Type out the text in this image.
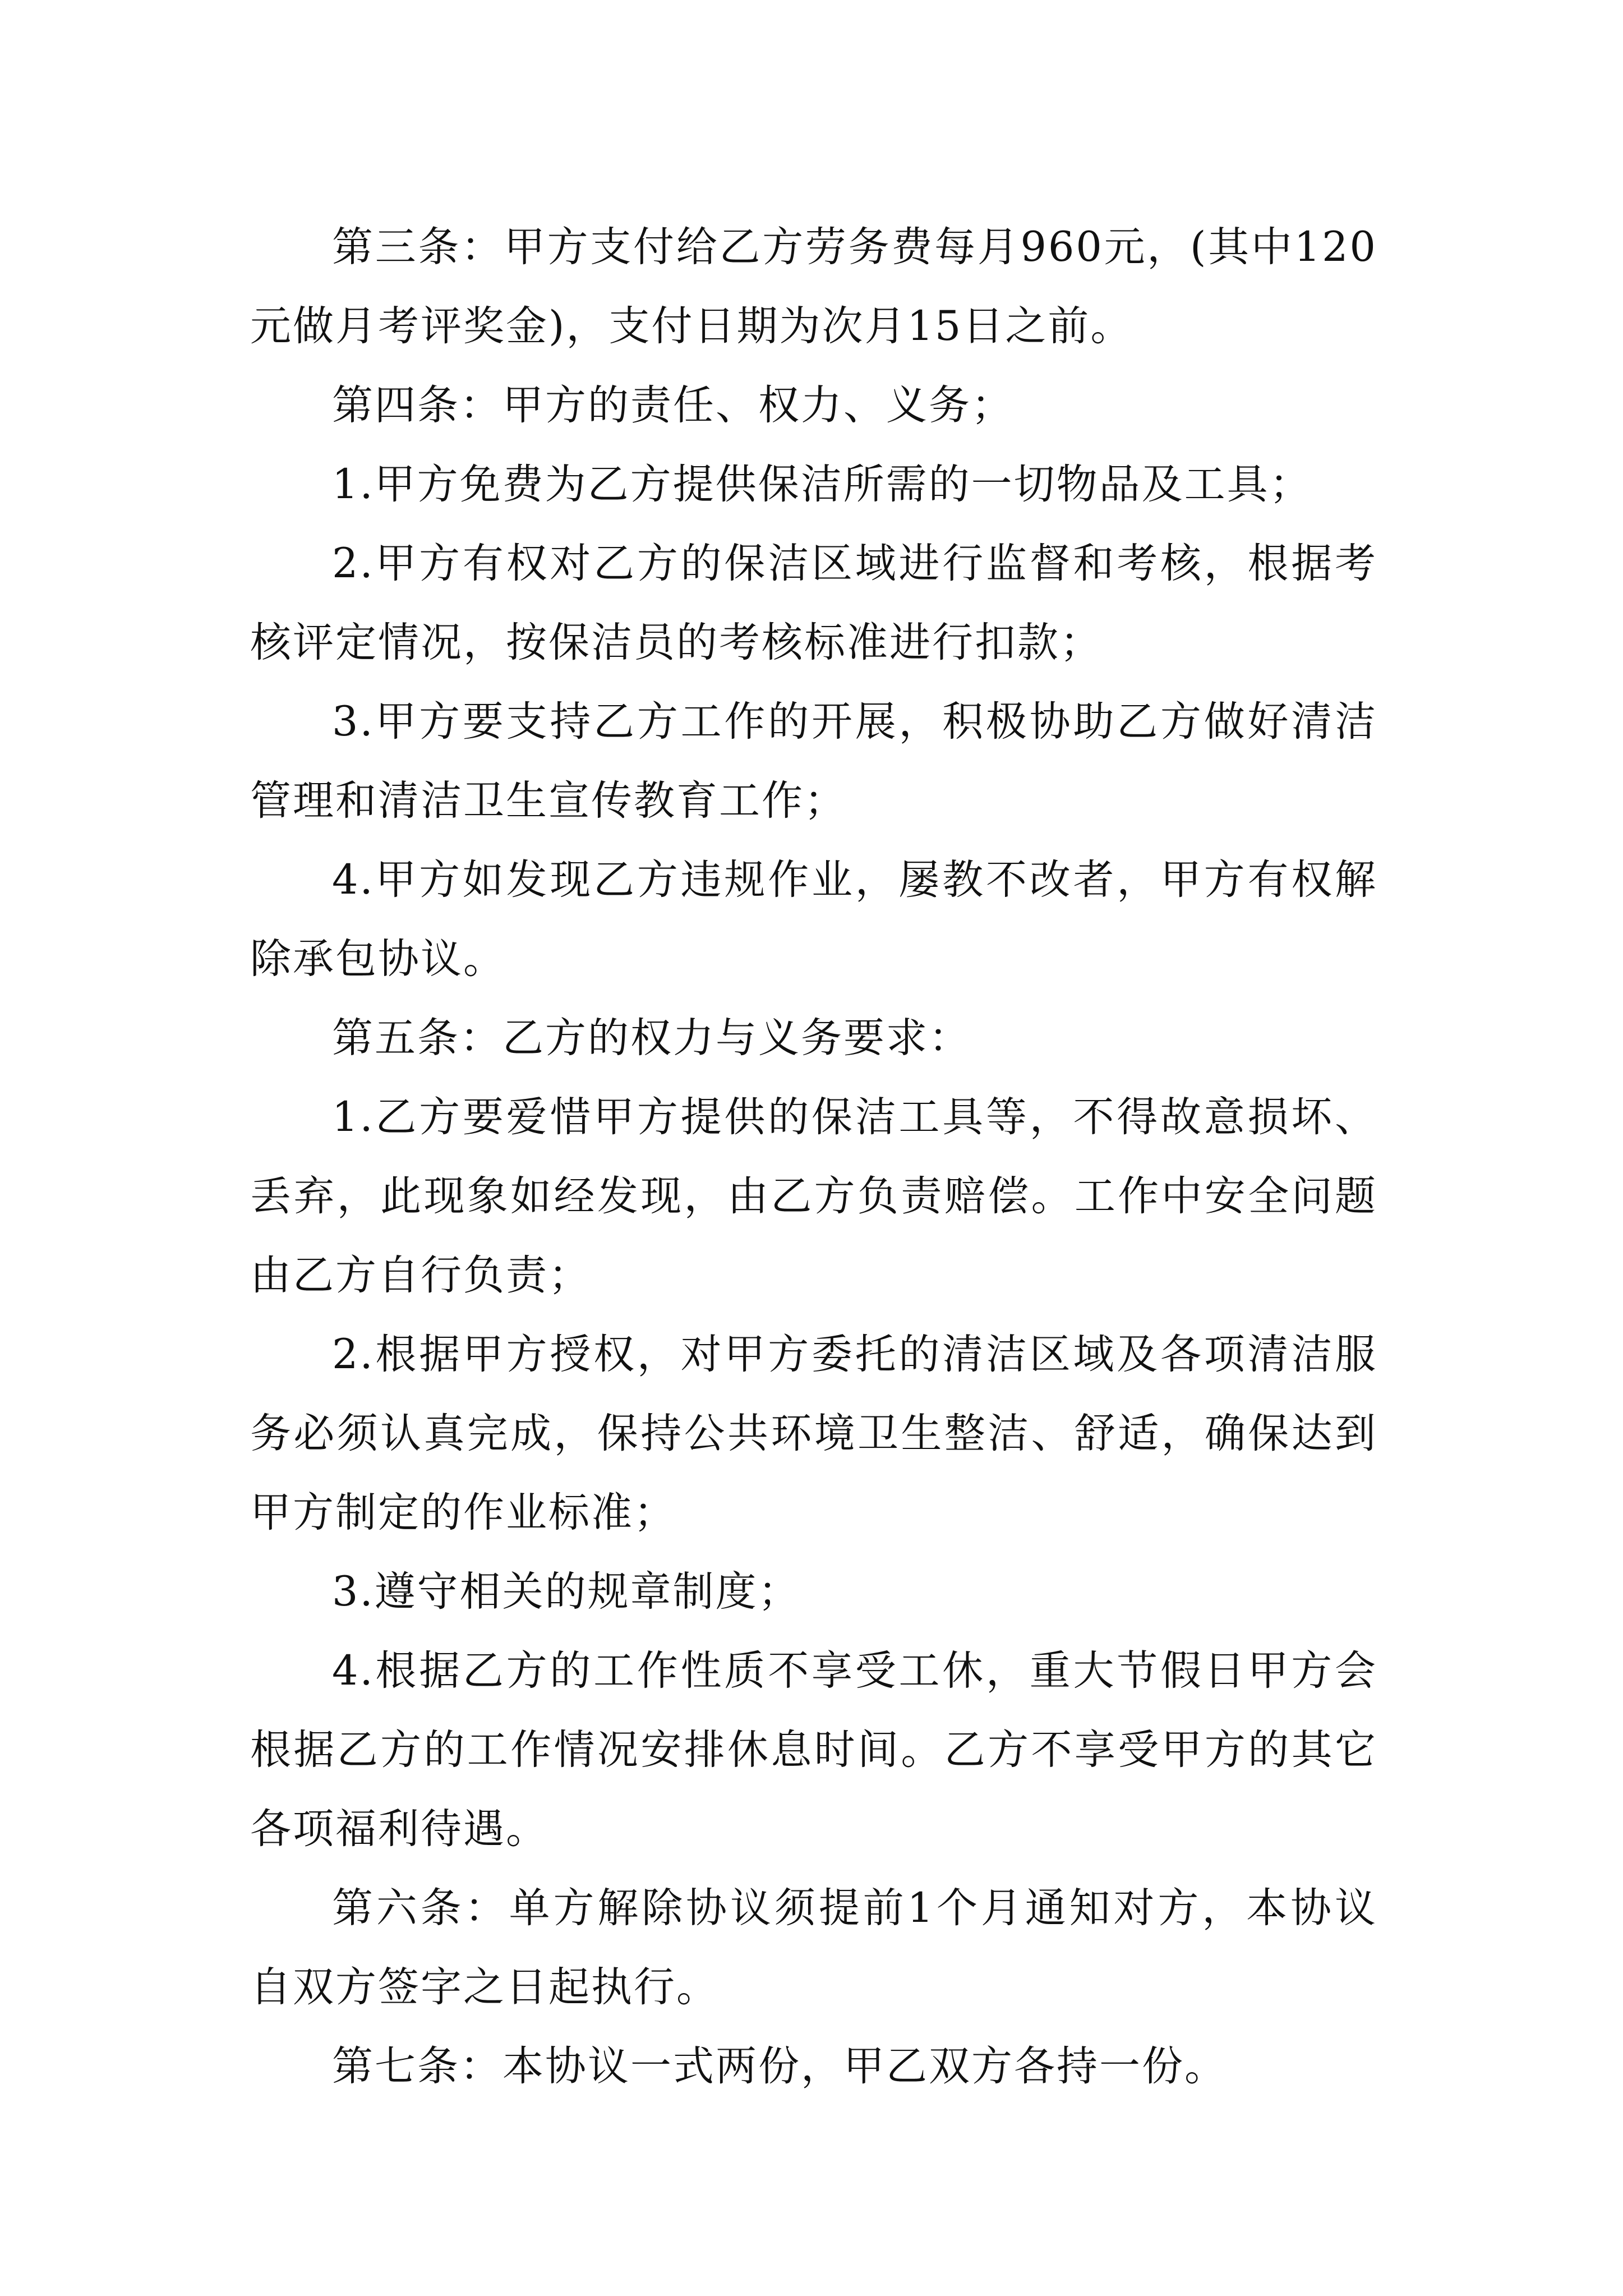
第三条：甲方支付给乙方劳务费每月960元，(其中120元做月考评奖金)，支付日期为次月15日之前。

第四条：甲方的责任、权力、义务；

1.甲方免费为乙方提供保洁所需的一切物品及工具；

2.甲方有权对乙方的保洁区域进行监督和考核，根据考核评定情况，按保洁员的考核标准进行扣款；

3.甲方要支持乙方工作的开展，积极协助乙方做好清洁管理和清洁卫生宣传教育工作；

4.甲方如发现乙方违规作业，屡教不改者，甲方有权解除承包协议。

第五条：乙方的权力与义务要求：

1.乙方要爱惜甲方提供的保洁工具等，不得故意损坏、丢弃，此现象如经发现，由乙方负责赔偿。工作中安全问题由乙方自行负责；

2.根据甲方授权，对甲方委托的清洁区域及各项清洁服务必须认真完成，保持公共环境卫生整洁、舒适，确保达到甲方制定的作业标准；

3.遵守相关的规章制度；

4.根据乙方的工作性质不享受工休，重大节假日甲方会根据乙方的工作情况安排休息时间。乙方不享受甲方的其它各项福利待遇。

第六条：单方解除协议须提前1个月通知对方，本协议自双方签字之日起执行。

第七条：本协议一式两份，甲乙双方各持一份。
